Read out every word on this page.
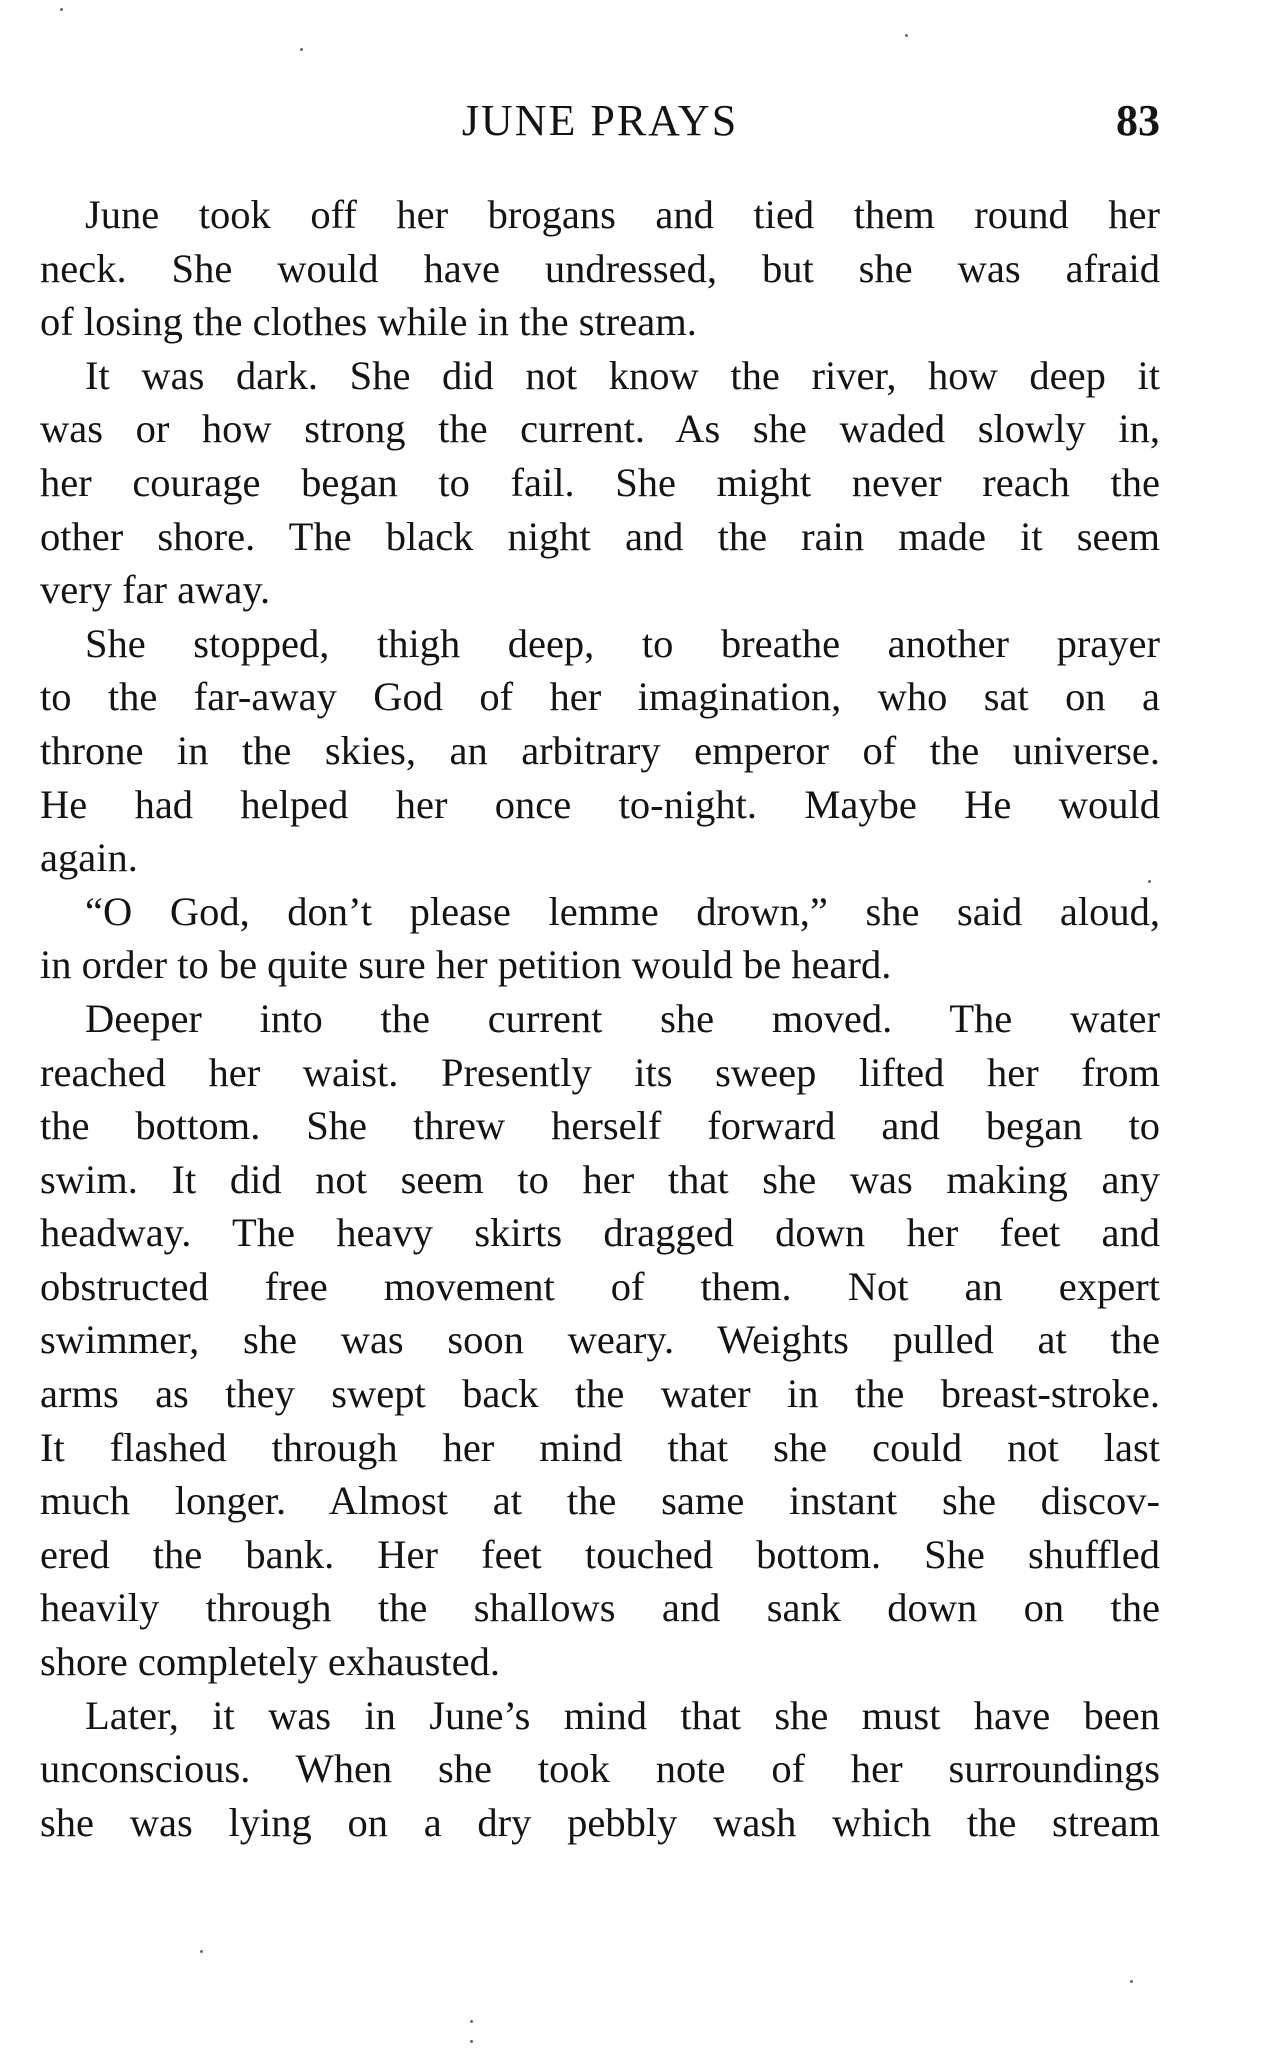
JUNE PRAYS	83

June took off her brogans and tied them round her
neck. She would have undressed, but she was afraid
of losing the clothes while in the stream.

It was dark. She did not know the river, how deep it
was or how strong the current. As she waded slowly in,
her courage began to fail. She might never reach the
other shore. The black night and the rain made it seem
very far away.

She stopped, thigh deep, to breathe another prayer
to the far-away God of her imagination, who sat on a
throne in the skies, an arbitrary emperor of the universe.
He had helped her once to-night. Maybe He would
again.

“O God, don’t please lemme drown,” she said aloud,
in order to be quite sure her petition would be heard.

Deeper into the current she moved. The water
reached her waist. Presently its sweep lifted her from
the bottom. She threw herself forward and began to
swim. It did not seem to her that she was making any
headway. The heavy skirts dragged down her feet and
obstructed free movement of them. Not an expert
swimmer, she was soon weary. Weights pulled at the
arms as they swept back the water in the breast-stroke.
It flashed through her mind that she could not last
much longer. Almost at the same instant she discov-
ered the bank. Her feet touched bottom. She shuffled
heavily through the shallows and sank down on the
shore completely exhausted.

Later, it was in June’s mind that she must have been
unconscious. When she took note of her surroundings
she was lying on a dry pebbly wash which the stream
